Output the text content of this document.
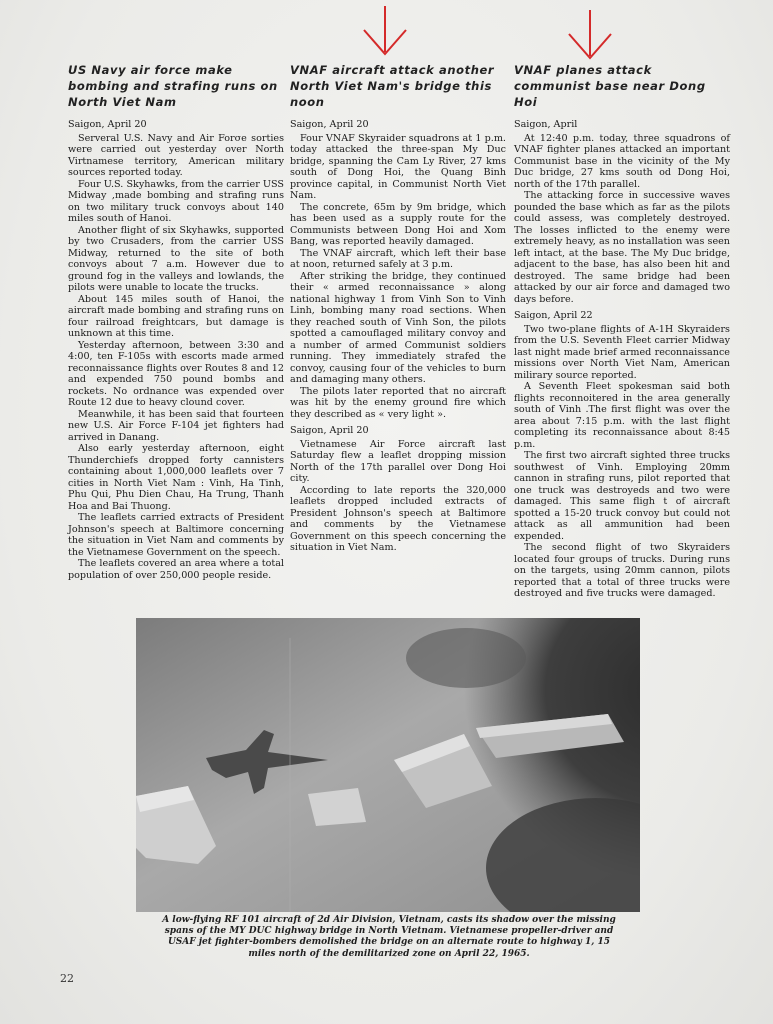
US Navy air force make bombing and strafing runs on North Viet Nam
Saigon, April 20

Serveral U.S. Navy and Air Forσe sorties were carried out yesterday over North Virtnamese territory, American military sources reported today.

Four U.S. Skyhawks, from the carrier USS Midway ,made bombing and strafing runs on two military truck convoys about 140 miles south of Hanoi.

Another flight of six Skyhawks, supported by two Crusaders, from the carrier USS Midway, returned to the site of both convoys about 7 a.m. However due to ground fog in the valleys and lowlands, the pilots were unable to locate the trucks.

About 145 miles south of Hanoi, the aircraft made bombing and strafing runs on four railroad freightcars, but damage is unknown at this time.

Yesterday afternoon, between 3:30 and 4:00, ten F-105s with escorts made armed reconnaissance flights over Routes 8 and 12 and expended 750 pound bombs and rockets. No ordnance was expended over Route 12 due to heavy clound cover.

Meanwhile, it has been said that fourteen new U.S. Air Force F-104 jet fighters had arrived in Danang.

Also early yesterday afternoon, eight Thunderchiefs dropped forty cannisters containing about 1,000,000 leaflets over 7 cities in North Viet Nam : Vinh, Ha Tinh, Phu Qui, Phu Dien Chau, Ha Trung, Thanh Hoa and Bai Thuong.

The leaflets carried extracts of President Johnson's speech at Baltimore concerning the situation in Viet Nam and comments by the Vietnamese Government on the speech.

The leaflets covered an area where a total population of over 250,000 people reside.

VNAF aircraft attack another North Viet Nam's bridge this noon
Saigon, April 20

Four VNAF Skyraider squadrons at 1 p.m. today attacked the three-span My Duc bridge, spanning the Cam Ly River, 27 kms south of Dong Hoi, the Quang Binh province capital, in Communist North Viet Nam.

The concrete, 65m by 9m bridge, which has been used as a supply route for the Communists between Dong Hoi and Xom Bang, was reported heavily damaged.

The VNAF aircraft, which left their base at noon, returned safely at 3 p.m.

After striking the bridge, they continued their « armed reconnaissance » along national highway 1 from Vinh Son to Vinh Linh, bombing many road sections. When they reached south of Vinh Son, the pilots spotted a camouflaged military convoy and a number of armed Communist soldiers running. They immediately strafed the convoy, causing four of the vehicles to burn and damaging many others.

The pilots later reported that no aircraft was hit by the enemy ground fire which they described as « very light ».

Saigon, April 20

Vietnamese Air Force aircraft last Saturday flew a leaflet dropping mission North of the 17th parallel over Dong Hoi city.

According to late reports the 320,000 leaflets dropped included extracts of President Johnson's speech at Baltimore and comments by the Vietnamese Government on this speech concerning the situation in Viet Nam.

VNAF planes attack communist base near Dong Hoi
Saigon, April

At 12:40 p.m. today, three squadrons of VNAF fighter planes attacked an important Communist base in the vicinity of the My Duc bridge, 27 kms south od Dong Hoi, north of the 17th parallel.

The attacking force in successive waves pounded the base which as far as the pilots could assess, was completely destroyed. The losses inflicted to the enemy were extremely heavy, as no installation was seen left intact, at the base. The My Duc bridge, adjacent to the base, has also been hit and destroyed. The same bridge had been attacked by our air force and damaged two days before.

Saigon, April 22

Two two-plane flights of A-1H Skyraiders from the U.S. Seventh Fleet carrier Midway last night made brief armed reconnaissance missions over North Viet Nam, American milirary source reported.

A Seventh Fleet spokesman said both flights reconnoitered in the area generally south of Vinh .The first flight was over the area about 7:15 p.m. with the last flight completing its reconnaissance about 8:45 p.m.

The first two aircraft sighted three trucks southwest of Vinh. Employing 20mm cannon in strafing runs, pilot reported that one truck was destroyeds and two were damaged. This same fligh t of aircraft spotted a 15-20 truck convoy but could not attack as all ammunition had been expended.

The second flight of two Skyraiders located four groups of trucks. During runs on the targets, using 20mm cannon, pilots reported that a total of three trucks were destroyed and five trucks were damaged.

A low-flying RF 101 aircraft of 2d Air Division, Vietnam, casts its shadow over the missing spans of the MY DUC highway bridge in North Vietnam. Vietnamese propeller-driver and USAF jet fighter-bombers demolished the bridge on an alternate route to highway 1, 15 miles north of the demilitarized zone on April 22, 1965.
22
